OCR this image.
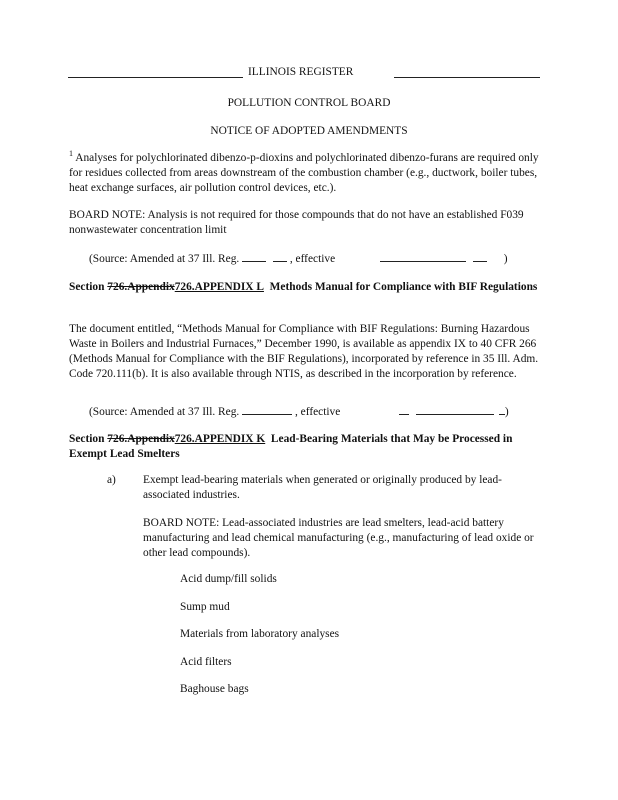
ILLINOIS REGISTER
POLLUTION CONTROL BOARD
NOTICE OF ADOPTED AMENDMENTS
$^1$ Analyses for polychlorinated dibenzo-p-dioxins and polychlorinated dibenzo-furans are required only for residues collected from areas downstream of the combustion chamber (e.g., ductwork, boiler tubes, heat exchange surfaces, air pollution control devices, etc.).
BOARD NOTE: Analysis is not required for those compounds that do not have an established F039 nonwastewater concentration limit
(Source: Amended at 37 Ill. Reg.	, effective	)
Section 726.Appendix726.APPENDIX L Methods Manual for Compliance with BIF Regulations
The document entitled, “Methods Manual for Compliance with BIF Regulations: Burning Hazardous Waste in Boilers and Industrial Furnaces,” December 1990, is available as appendix IX to 40 CFR 266 (Methods Manual for Compliance with the BIF Regulations), incorporated by reference in 35 Ill. Adm. Code 720.111(b). It is also available through NTIS, as described in the incorporation by reference.
(Source: Amended at 37 Ill. Reg.	, effective	)
Section 726.Appendix726.APPENDIX K Lead-Bearing Materials that May be Processed in Exempt Lead Smelters
a) Exempt lead-bearing materials when generated or originally produced by lead-associated industries.
BOARD NOTE: Lead-associated industries are lead smelters, lead-acid battery manufacturing and lead chemical manufacturing (e.g., manufacturing of lead oxide or other lead compounds).
Acid dump/fill solids
Sump mud
Materials from laboratory analyses
Acid filters
Baghouse bags
